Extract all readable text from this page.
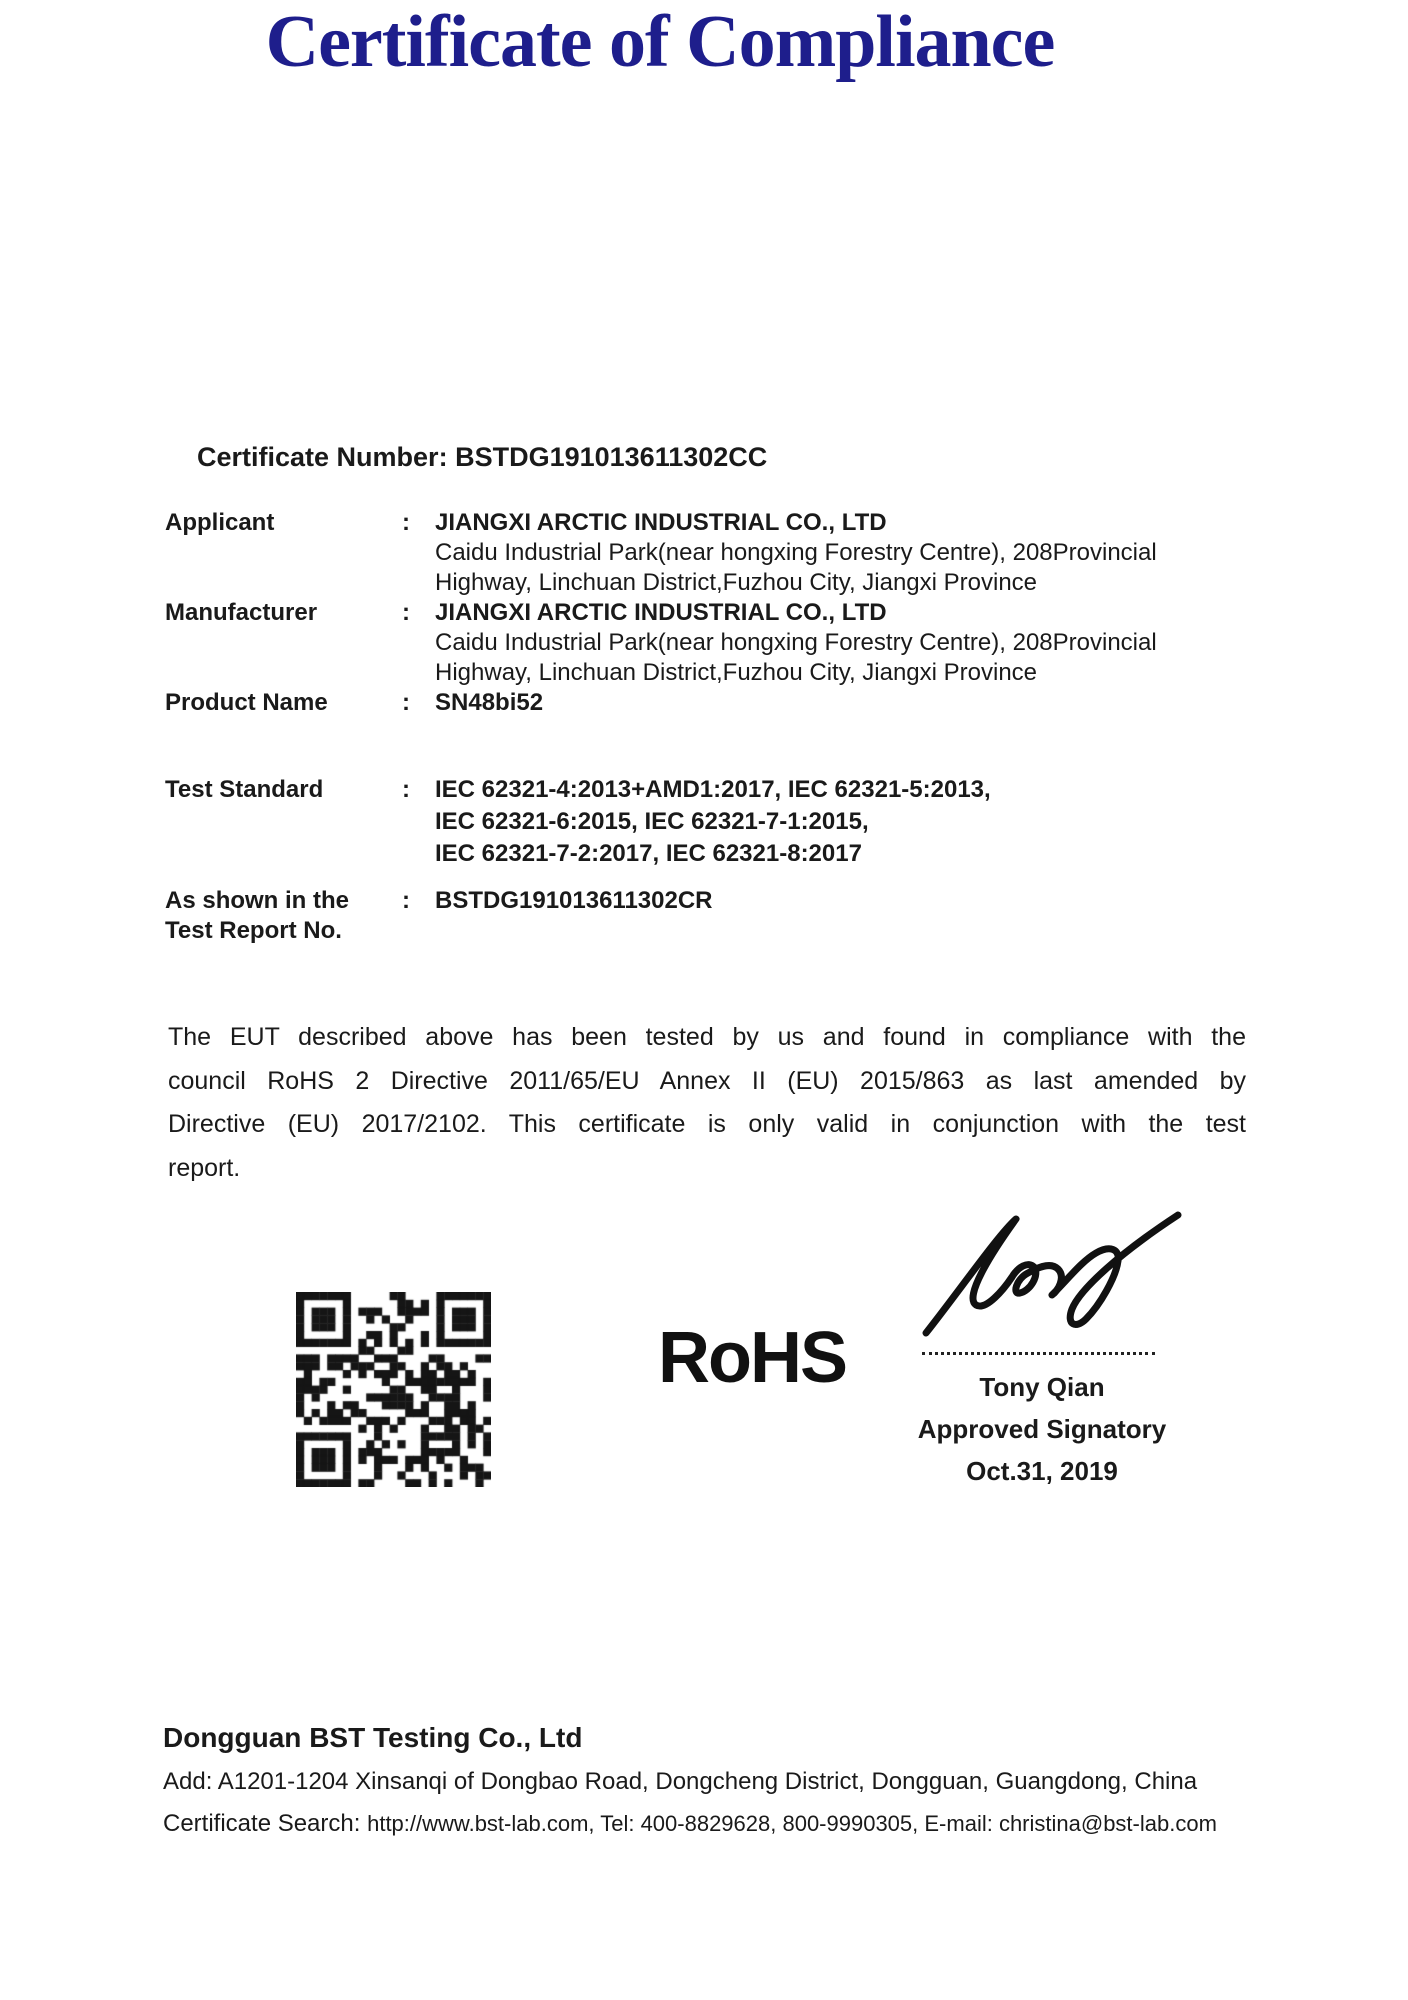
Certificate of Compliance
Certificate Number: BSTDG191013611302CC
Applicant	:	JIANGXI ARCTIC INDUSTRIAL CO., LTD
Caidu Industrial Park(near hongxing Forestry Centre), 208Provincial
Highway, Linchuan District,Fuzhou City, Jiangxi Province
Manufacturer	:	JIANGXI ARCTIC INDUSTRIAL CO., LTD
Caidu Industrial Park(near hongxing Forestry Centre), 208Provincial
Highway, Linchuan District,Fuzhou City, Jiangxi Province
Product Name	:	SN48bi52
Test Standard	:	IEC 62321-4:2013+AMD1:2017, IEC 62321-5:2013,
IEC 62321-6:2015, IEC 62321-7-1:2015,
IEC 62321-7-2:2017, IEC 62321-8:2017
As shown in the
Test Report No.
:	BSTDG191013611302CR
The EUT described above has been tested by us and found in compliance with the
council RoHS 2 Directive 2011/65/EU Annex II (EU) 2015/863 as last amended by
Directive (EU) 2017/2102. This certificate is only valid in conjunction with the test
report.
RoHS	Tony Qian
Approved Signatory
Oct.31, 2019
Dongguan BST Testing Co., Ltd
Add: A1201-1204 Xinsanqi of Dongbao Road, Dongcheng District, Dongguan, Guangdong, China
Certificate Search: http://www.bst-lab.com, Tel: 400-8829628, 800-9990305, E-mail: christina@bst-lab.com
